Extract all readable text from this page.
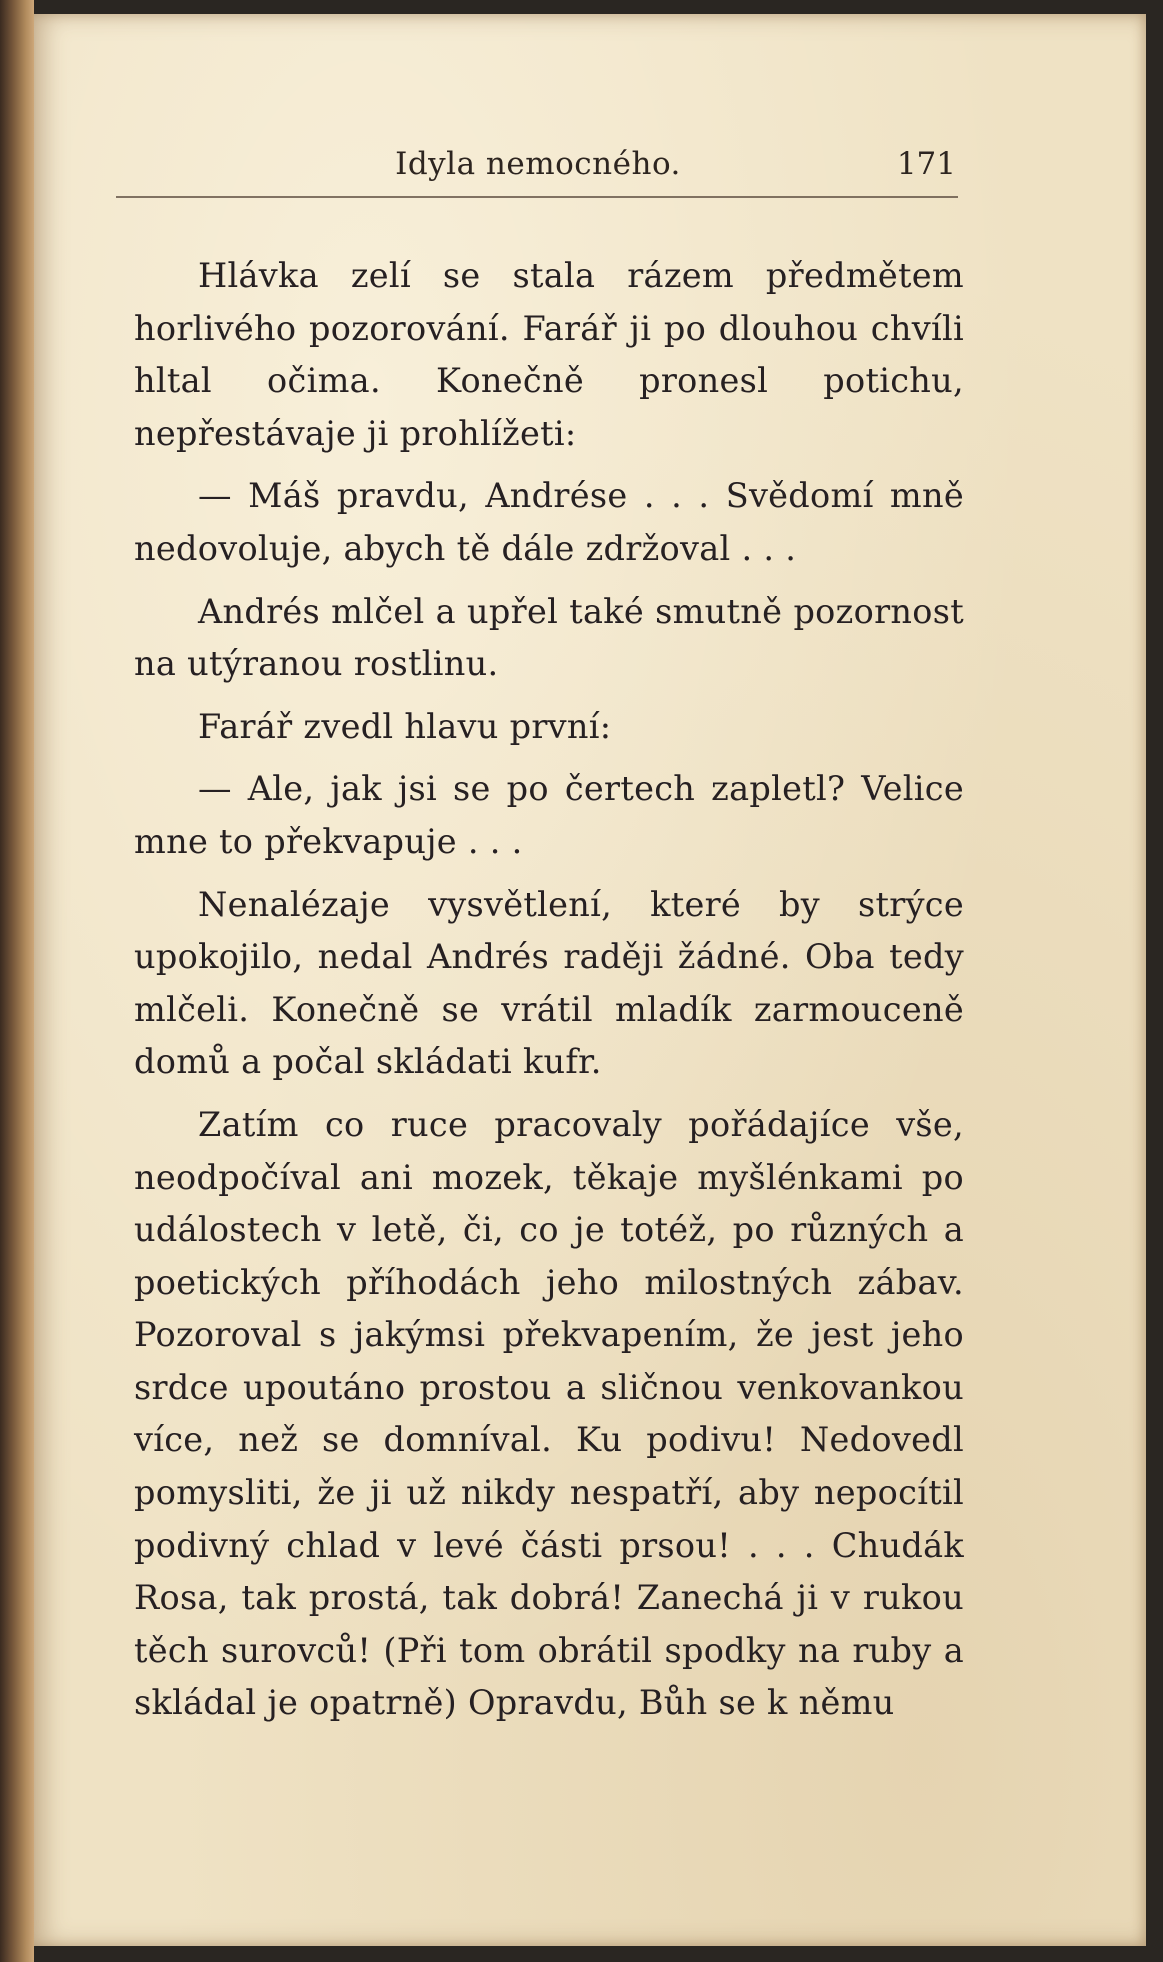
Idyla nemocného.	171

Hlávka zelí se stala rázem předmětem horlivého pozorování. Farář ji po dlouhou chvíli hltal očima. Konečně pronesl potichu, nepřestávaje ji prohlížeti:

— Máš pravdu, Andrése . . . Svědomí mně nedovoluje, abych tě dále zdržoval . . .

Andrés mlčel a upřel také smutně pozornost na utýranou rostlinu.

Farář zvedl hlavu první:

— Ale, jak jsi se po čertech zapletl? Velice mne to překvapuje . . .

Nenalézaje vysvětlení, které by strýce upokojilo, nedal Andrés raději žádné. Oba tedy mlčeli. Konečně se vrátil mladík zarmouceně domů a počal skládati kufr.

Zatím co ruce pracovaly pořádajíce vše, neodpočíval ani mozek, těkaje myšlénkami po událostech v letě, či, co je totéž, po různých a poetických příhodách jeho milostných zábav. Pozoroval s jakýmsi překvapením, že jest jeho srdce upoutáno prostou a sličnou venkovankou více, než se domníval. Ku podivu! Nedovedl pomysliti, že ji už nikdy nespatří, aby nepocítil podivný chlad v levé části prsou! . . . Chudák Rosa, tak prostá, tak dobrá! Zanechá ji v rukou těch surovců! (Při tom obrátil spodky na ruby a skládal je opatrně) Opravdu, Bůh se k němu
